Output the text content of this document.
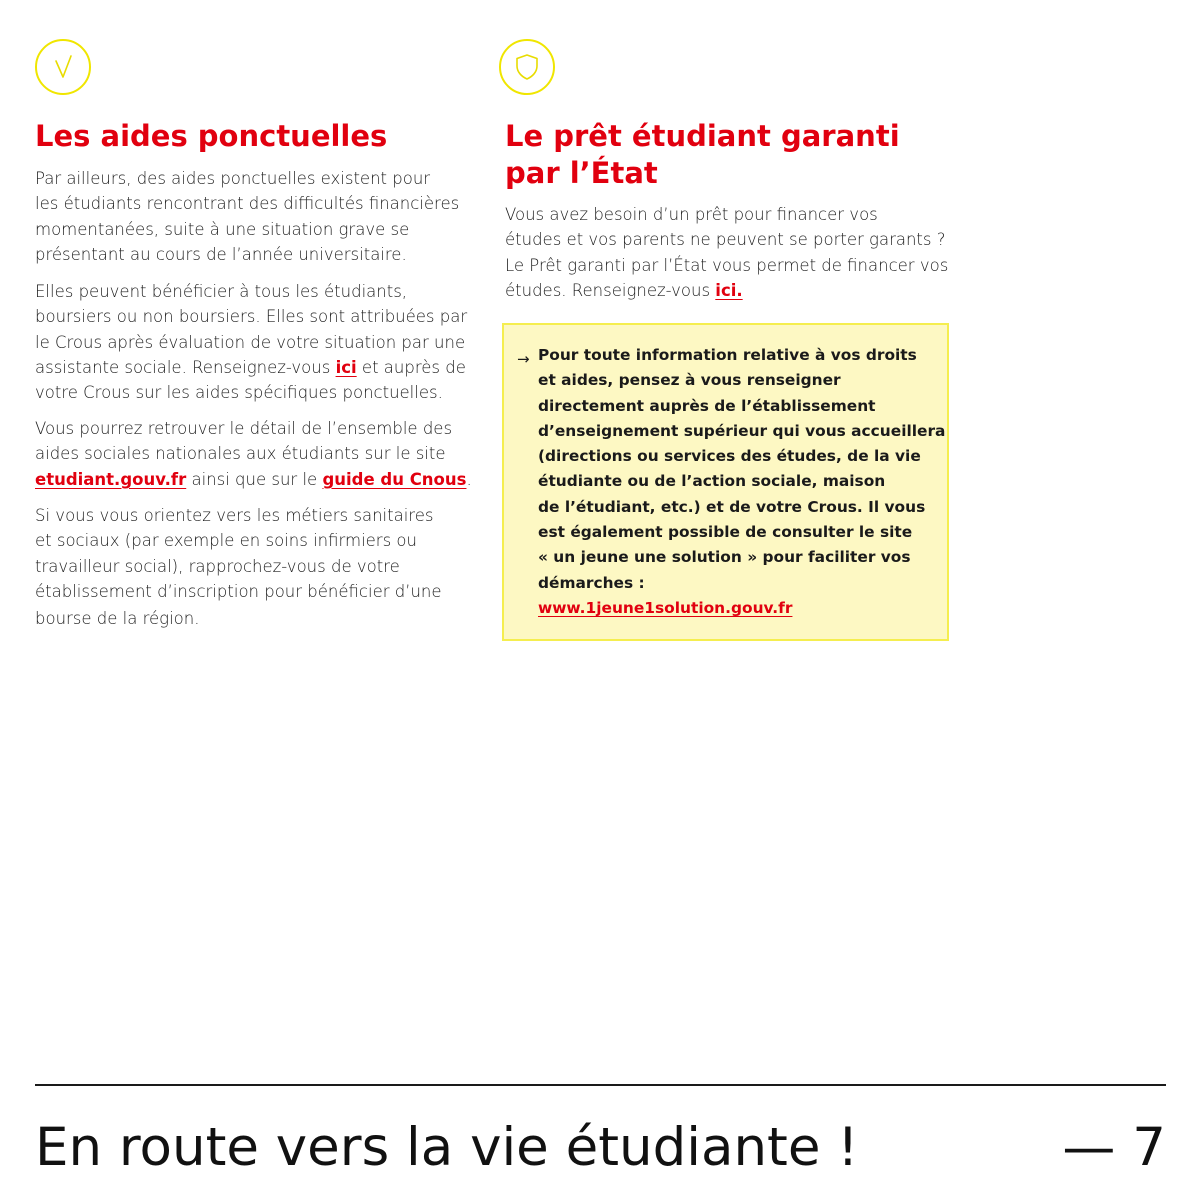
Les aides ponctuelles
Par ailleurs, des aides ponctuelles existent pour
les étudiants rencontrant des difficultés financières
momentanées, suite à une situation grave se
présentant au cours de l’année universitaire.
Elles peuvent bénéficier à tous les étudiants,
boursiers ou non boursiers. Elles sont attribuées par
le Crous après évaluation de votre situation par une
assistante sociale. Renseignez-vous ici et auprès de
votre Crous sur les aides spécifiques ponctuelles.
Vous pourrez retrouver le détail de l’ensemble des
aides sociales nationales aux étudiants sur le site
etudiant.gouv.fr ainsi que sur le guide du Cnous.
Si vous vous orientez vers les métiers sanitaires
et sociaux (par exemple en soins infirmiers ou
travailleur social), rapprochez-vous de votre
établissement d’inscription pour bénéficier d’une
bourse de la région.
Le prêt étudiant garanti
par l’État
Vous avez besoin d’un prêt pour financer vos
études et vos parents ne peuvent se porter garants ?
Le Prêt garanti par l’État vous permet de financer vos
études. Renseignez-vous ici.
→ Pour toute information relative à vos droits
et aides, pensez à vous renseigner
directement auprès de l’établissement
d’enseignement supérieur qui vous accueillera
(directions ou services des études, de la vie
étudiante ou de l’action sociale, maison
de l’étudiant, etc.) et de votre Crous. Il vous
est également possible de consulter le site
« un jeune une solution » pour faciliter vos
démarches :
www.1jeune1solution.gouv.fr

En route vers la vie étudiante !	— 7
